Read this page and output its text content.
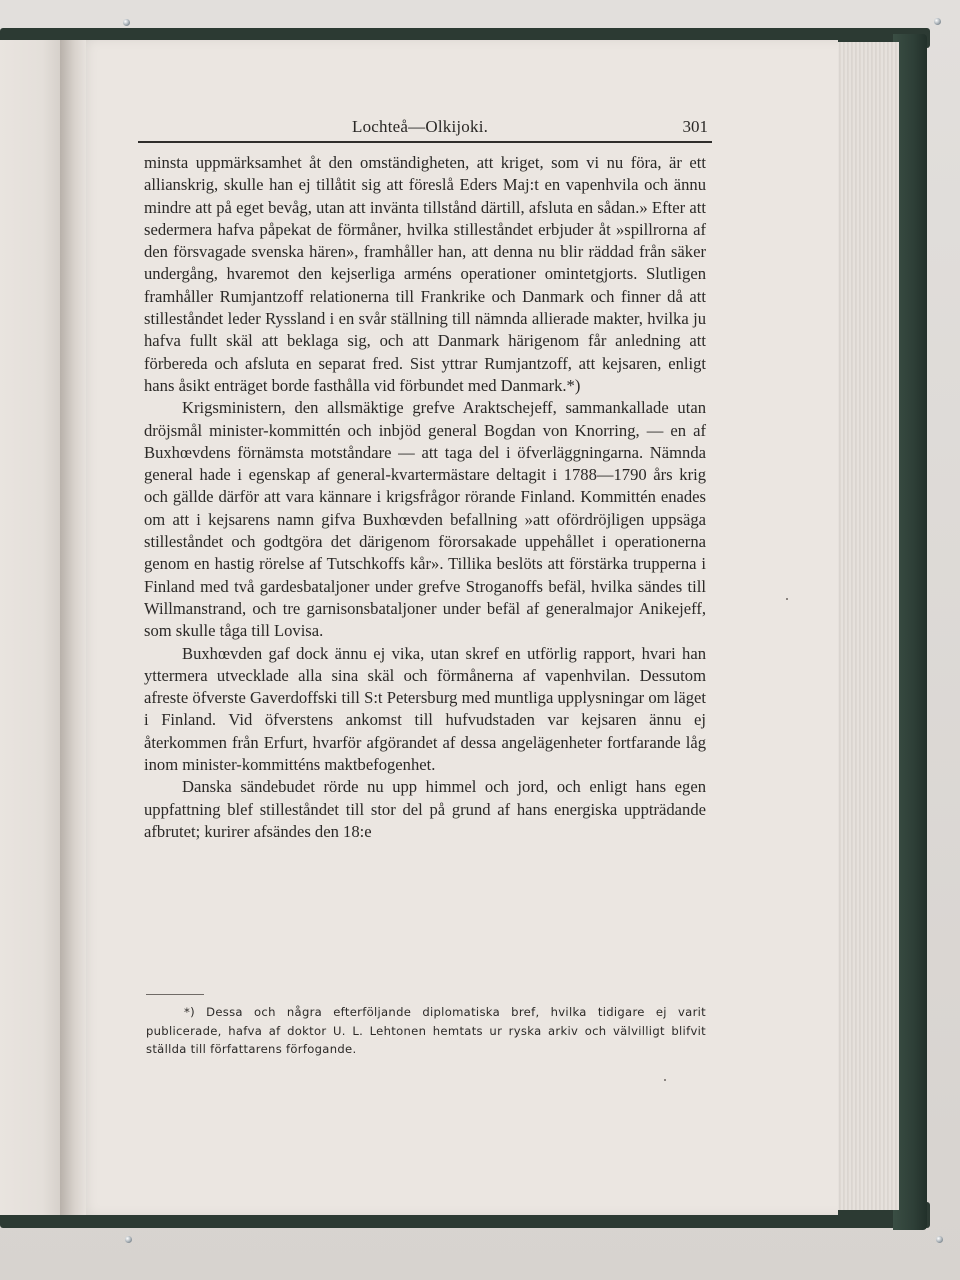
Lochteå—Olkijoki.	301

minsta uppmärksamhet åt den omständigheten, att kriget, som vi nu föra, är ett allianskrig, skulle han ej tillåtit sig att föreslå Eders Maj:t en vapenhvila och ännu mindre att på eget bevåg, utan att invänta tillstånd därtill, afsluta en sådan.» Efter att sedermera hafva påpekat de förmåner, hvilka stilleståndet erbjuder åt »spillrorna af den försvagade svenska hären», framhåller han, att denna nu blir räddad från säker undergång, hvaremot den kejserliga arméns operationer omintetgjorts. Slutligen framhåller Rumjantzoff relationerna till Frankrike och Danmark och finner då att stilleståndet leder Ryssland i en svår ställning till nämnda allierade makter, hvilka ju hafva fullt skäl att beklaga sig, och att Danmark härigenom får anledning att förbereda och afsluta en separat fred. Sist yttrar Rumjantzoff, att kejsaren, enligt hans åsikt enträget borde fasthålla vid förbundet med Danmark.*)

Krigsministern, den allsmäktige grefve Araktschejeff, sammankallade utan dröjsmål minister-kommittén och inbjöd general Bogdan von Knorring, — en af Buxhœvdens förnämsta motståndare — att taga del i öfverläggningarna. Nämnda general hade i egenskap af general-kvartermästare deltagit i 1788—1790 års krig och gällde därför att vara kännare i krigsfrågor rörande Finland. Kommittén enades om att i kejsarens namn gifva Buxhœvden befallning »att ofördröjligen uppsäga stilleståndet och godtgöra det därigenom förorsakade uppehållet i operationerna genom en hastig rörelse af Tutschkoffs kår». Tillika beslöts att förstärka trupperna i Finland med två gardesbataljoner under grefve Stroganoffs befäl, hvilka sändes till Willmanstrand, och tre garnisonsbataljoner under befäl af generalmajor Anikejeff, som skulle tåga till Lovisa.

Buxhœvden gaf dock ännu ej vika, utan skref en utförlig rapport, hvari han yttermera utvecklade alla sina skäl och förmånerna af vapenhvilan. Dessutom afreste öfverste Gaverdoffski till S:t Petersburg med muntliga upplysningar om läget i Finland. Vid öfverstens ankomst till hufvudstaden var kejsaren ännu ej återkommen från Erfurt, hvarför afgörandet af dessa angelägenheter fortfarande låg inom minister-kommitténs maktbefogenhet.

Danska sändebudet rörde nu upp himmel och jord, och enligt hans egen uppfattning blef stilleståndet till stor del på grund af hans energiska uppträdande afbrutet; kurirer afsändes den 18:e

*) Dessa och några efterföljande diplomatiska bref, hvilka tidigare ej varit publicerade, hafva af doktor U. L. Lehtonen hemtats ur ryska arkiv och välvilligt blifvit ställda till författarens förfogande.
